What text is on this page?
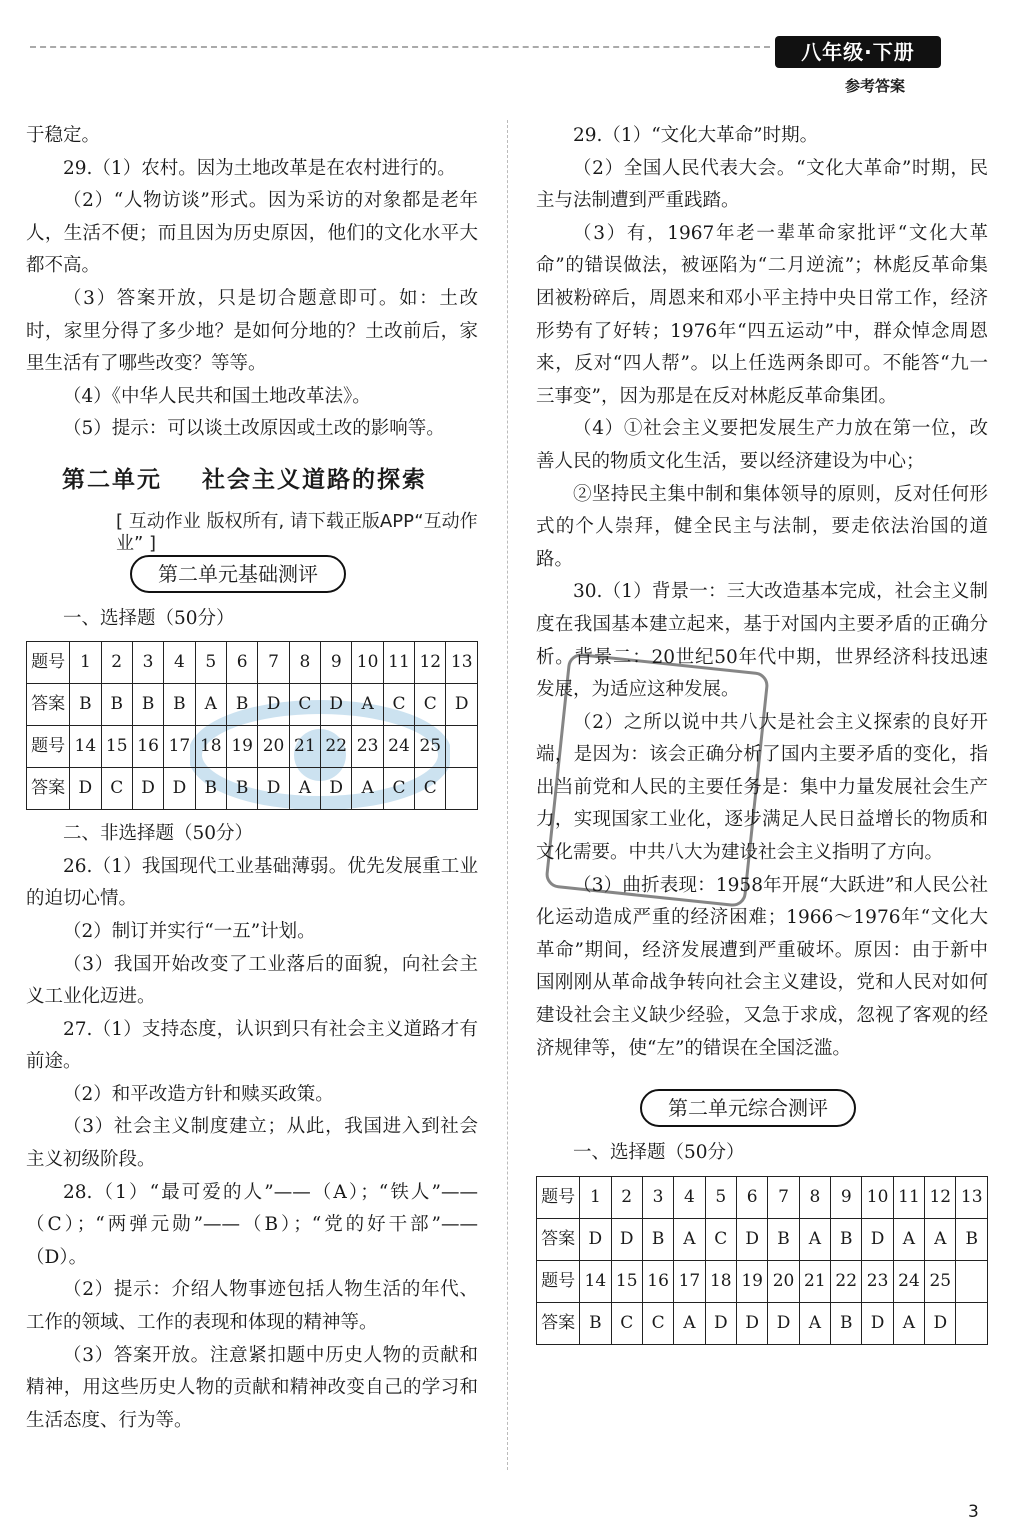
八年级·下册
参考答案

于稳定。

29.（1）农村。因为土地改革是在农村进行的。

（2）“人物访谈”形式。因为采访的对象都是老年人，生活不便；而且因为历史原因，他们的文化水平大都不高。

（3）答案开放，只是切合题意即可。如：土改时，家里分得了多少地？是如何分地的？土改前后，家里生活有了哪些改变？等等。

（4）《中华人民共和国土地改革法》。

（5）提示：可以谈土改原因或土改的影响等。

第二单元 社会主义道路的探索
[ 互动作业 版权所有, 请下载正版APP“互动作业” ]
第二单元基础测评

一、选择题（50分）

题号	1	2	3	4	5	6	7	8	9	10	11	12	13
答案	B	B	B	B	A	B	D	C	D	A	C	C	D
题号	14	15	16	17	18	19	20	21	22	23	24	25	
答案	D	C	D	D	B	B	D	A	D	A	C	C	

二、非选择题（50分）

26.（1）我国现代工业基础薄弱。优先发展重工业的迫切心情。

（2）制订并实行“一五”计划。

（3）我国开始改变了工业落后的面貌，向社会主义工业化迈进。

27.（1）支持态度，认识到只有社会主义道路才有前途。

（2）和平改造方针和赎买政策。

（3）社会主义制度建立；从此，我国进入到社会主义初级阶段。

28.（1）“最可爱的人”——（A）；“铁人”——（C）；“两弹元勋”——（B）；“党的好干部”——（D）。

（2）提示：介绍人物事迹包括人物生活的年代、工作的领域、工作的表现和体现的精神等。

（3）答案开放。注意紧扣题中历史人物的贡献和精神，用这些历史人物的贡献和精神改变自己的学习和生活态度、行为等。

29.（1）“文化大革命”时期。

（2）全国人民代表大会。“文化大革命”时期，民主与法制遭到严重践踏。

（3）有，1967年老一辈革命家批评“文化大革命”的错误做法，被诬陷为“二月逆流”；林彪反革命集团被粉碎后，周恩来和邓小平主持中央日常工作，经济形势有了好转；1976年“四五运动”中，群众悼念周恩来，反对“四人帮”。以上任选两条即可。不能答“九一三事变”，因为那是在反对林彪反革命集团。

（4）①社会主义要把发展生产力放在第一位，改善人民的物质文化生活，要以经济建设为中心；

②坚持民主集中制和集体领导的原则，反对任何形式的个人崇拜，健全民主与法制，要走依法治国的道路。

30.（1）背景一：三大改造基本完成，社会主义制度在我国基本建立起来，基于对国内主要矛盾的正确分析。背景二：20世纪50年代中期，世界经济科技迅速发展，为适应这种发展。

（2）之所以说中共八大是社会主义探索的良好开端，是因为：该会正确分析了国内主要矛盾的变化，指出当前党和人民的主要任务是：集中力量发展社会生产力，实现国家工业化，逐步满足人民日益增长的物质和文化需要。中共八大为建设社会主义指明了方向。

（3）曲折表现：1958年开展“大跃进”和人民公社化运动造成严重的经济困难；1966～1976年“文化大革命”期间，经济发展遭到严重破坏。原因：由于新中国刚刚从革命战争转向社会主义建设，党和人民对如何建设社会主义缺少经验，又急于求成，忽视了客观的经济规律等，使“左”的错误在全国泛滥。

第二单元综合测评

一、选择题（50分）

题号	1	2	3	4	5	6	7	8	9	10	11	12	13
答案	D	D	B	A	C	D	B	A	B	D	A	A	B
题号	14	15	16	17	18	19	20	21	22	23	24	25	
答案	B	C	C	A	D	D	D	A	B	D	A	D	
3
